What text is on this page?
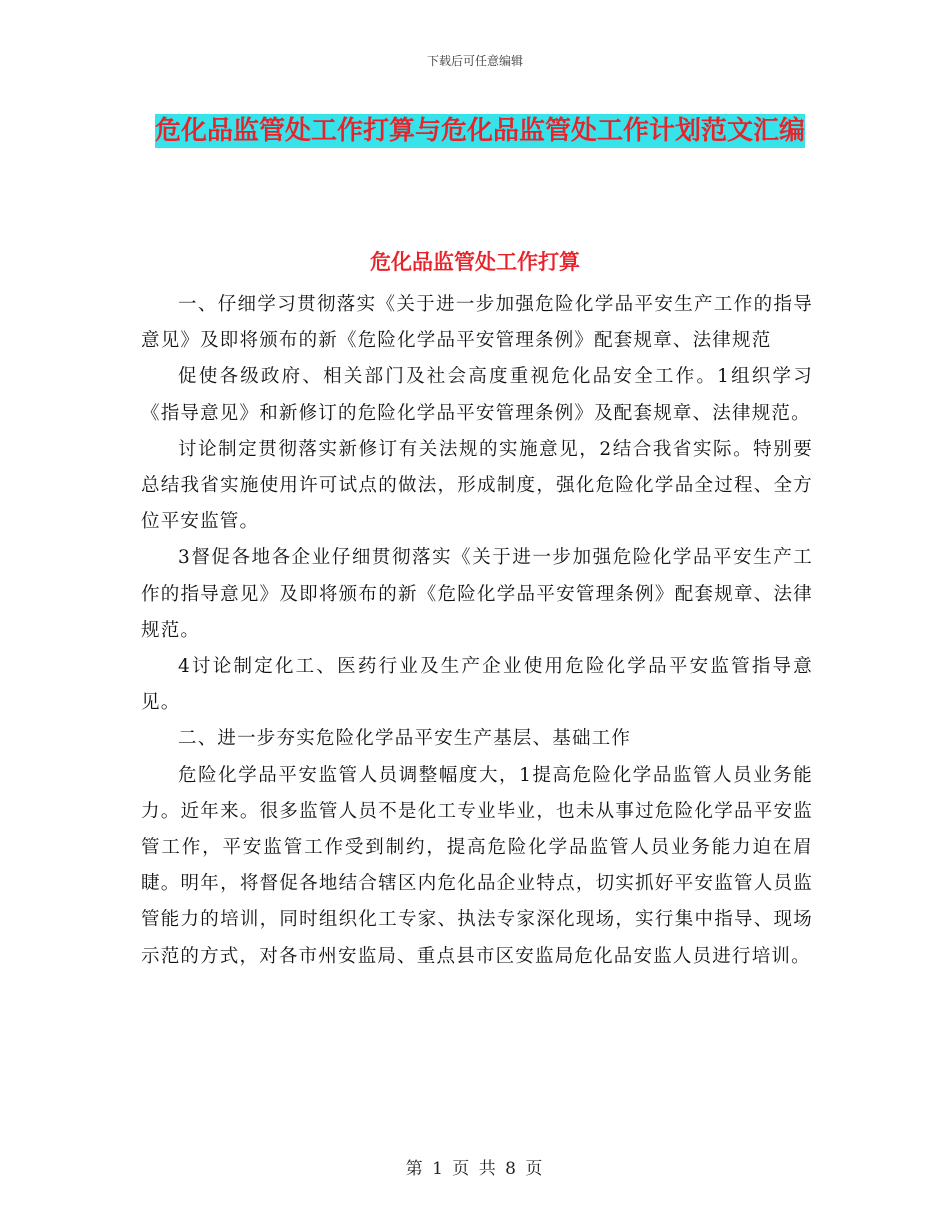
下载后可任意编辑
危化品监管处工作打算与危化品监管处工作计划范文汇编
危化品监管处工作打算

一、仔细学习贯彻落实《关于进一步加强危险化学品平安生产工作的指导意见》及即将颁布的新《危险化学品平安管理条例》配套规章、法律规范

促使各级政府、相关部门及社会高度重视危化品安全工作。1组织学习《指导意见》和新修订的危险化学品平安管理条例》及配套规章、法律规范。

讨论制定贯彻落实新修订有关法规的实施意见，2结合我省实际。特别要总结我省实施使用许可试点的做法，形成制度，强化危险化学品全过程、全方位平安监管。

3督促各地各企业仔细贯彻落实《关于进一步加强危险化学品平安生产工作的指导意见》及即将颁布的新《危险化学品平安管理条例》配套规章、法律规范。

4讨论制定化工、医药行业及生产企业使用危险化学品平安监管指导意见。

二、进一步夯实危险化学品平安生产基层、基础工作

危险化学品平安监管人员调整幅度大，1提高危险化学品监管人员业务能力。近年来。很多监管人员不是化工专业毕业，也未从事过危险化学品平安监管工作，平安监管工作受到制约，提高危险化学品监管人员业务能力迫在眉睫。明年，将督促各地结合辖区内危化品企业特点，切实抓好平安监管人员监管能力的培训，同时组织化工专家、执法专家深化现场，实行集中指导、现场示范的方式，对各市州安监局、重点县市区安监局危化品安监人员进行培训。

第 1 页 共 8 页
